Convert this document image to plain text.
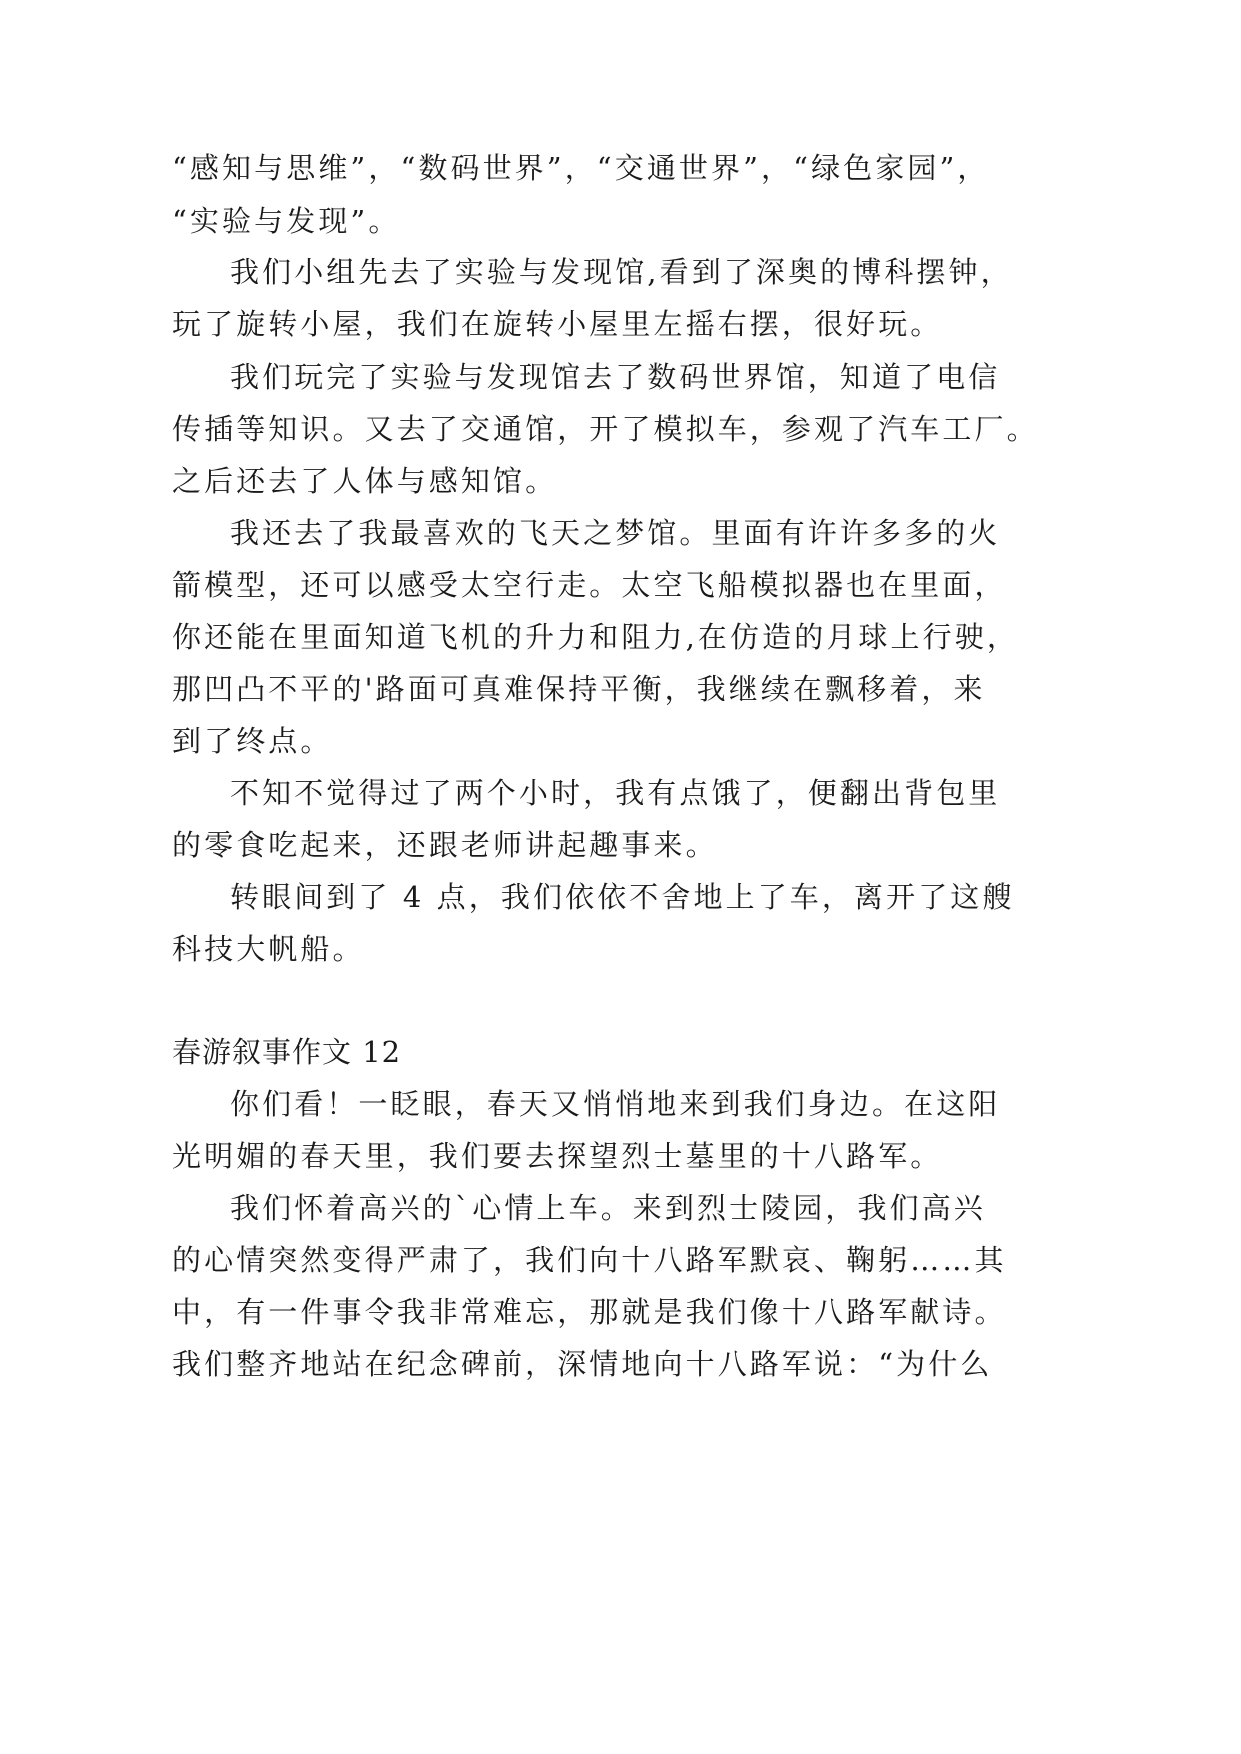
“感知与思维”，“数码世界”，“交通世界”，“绿色家园”，
“实验与发现”。
我们小组先去了实验与发现馆,看到了深奥的博科摆钟，
玩了旋转小屋，我们在旋转小屋里左摇右摆，很好玩。
我们玩完了实验与发现馆去了数码世界馆，知道了电信
传插等知识。又去了交通馆，开了模拟车，参观了汽车工厂。
之后还去了人体与感知馆。
我还去了我最喜欢的飞天之梦馆。里面有许许多多的火
箭模型，还可以感受太空行走。太空飞船模拟器也在里面，
你还能在里面知道飞机的升力和阻力,在仿造的月球上行驶，
那凹凸不平的'路面可真难保持平衡，我继续在飘移着，来
到了终点。
不知不觉得过了两个小时，我有点饿了，便翻出背包里
的零食吃起来，还跟老师讲起趣事来。
转眼间到了 4 点，我们依依不舍地上了车，离开了这艘
科技大帆船。
春游叙事作文 12
你们看！一眨眼，春天又悄悄地来到我们身边。在这阳
光明媚的春天里，我们要去探望烈士墓里的十八路军。
我们怀着高兴的`心情上车。来到烈士陵园，我们高兴
的心情突然变得严肃了，我们向十八路军默哀、鞠躬……其
中，有一件事令我非常难忘，那就是我们像十八路军献诗。
我们整齐地站在纪念碑前，深情地向十八路军说：“为什么
